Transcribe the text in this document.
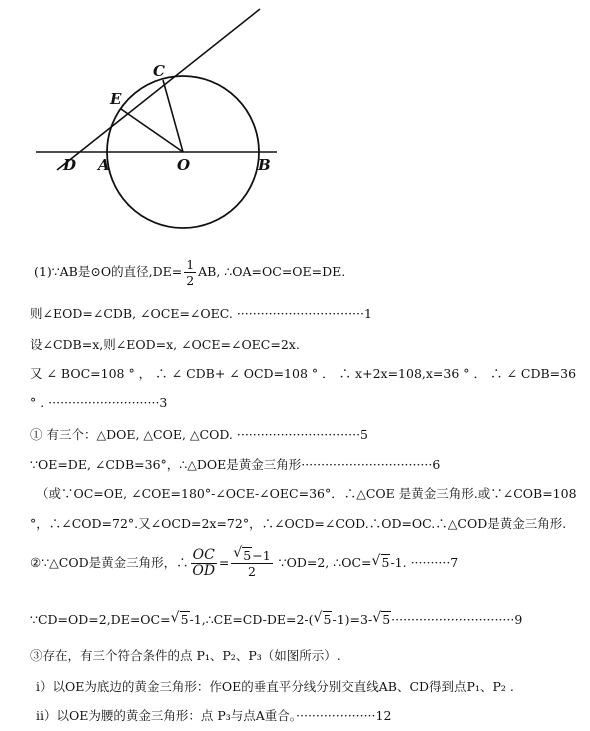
C
E
D A	O	B
(1)∵AB是⊙O的直径$,DE= \frac{1}{2}$ AB, ∴OA=OC=OE=DE.
则∠EOD=∠CDB, ∠OCE=∠OEC. ································1
设∠CDB=x,则∠EOD=x, ∠OCE=∠OEC=2x.
又 ∠ BOC=108 ° ， ∴ ∠ CDB+ ∠ OCD=108 ° ． ∴ x+2x=108,x=36 ° ． ∴ ∠ CDB=36
° . ····························3
① 有三个：△DOE, △COE, △COD. ·······························5
∵OE=DE, ∠CDB=36°，∴△DOE是黄金三角形·································6
（或∵OC=OE, ∠COE=180°-∠OCE-∠OEC=36°．∴△COE 是黄金三角形.或∵∠COB=108
°，∴∠COD=72°.又∠OCD=2x=72°，∴∠OCD=∠COD.∴OD=OC.∴△COD是黄金三角形.
②∵△COD是黄金三角形，∴ $\frac{OC}{OD} = \frac{√ 5-1}{2}$ ∵OD=2, ∴OC= √ 5-1. ··········7
∵CD=OD=2,DE=OC= √ 5-1,∴CE=CD-DE=2-( √ 5-1)=3- √ 5·······························9
③存在，有三个符合条件的点 P₁、P₂、P₃（如图所示）.
ⅰ）以OE为底边的黄金三角形：作OE的垂直平分线分别交直线AB、CD得到点P₁、P₂ .
ⅱ）以OE为腰的黄金三角形：点 P₃与点A重合。····················12
